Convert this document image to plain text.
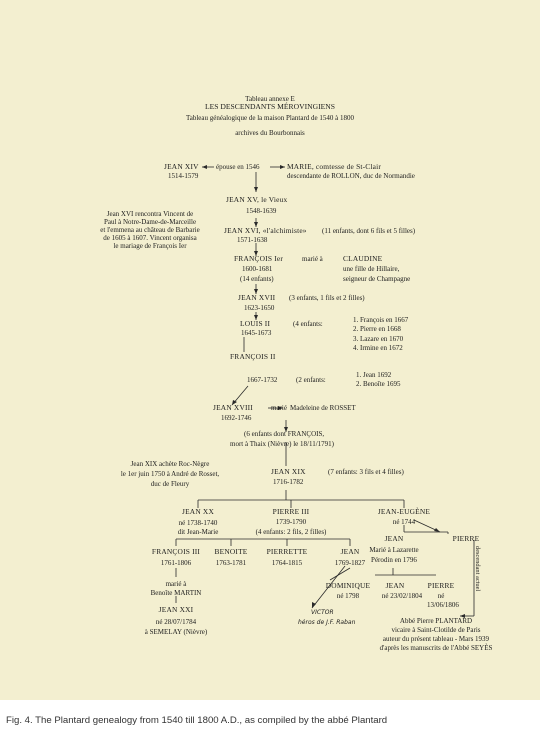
Tableau annexe E
LES DESCENDANTS MÉROVINGIENS
Tableau généalogique de la maison Plantard de 1540 à 1800
archives du Bourbonnais
JEAN XIV épouse en 1546	MARIE, comtesse de St-Clair
1514-1579	descendante de ROLLON, duc de Normandie
JEAN XV, le Vieux
1548-1639
JEAN XVI, «l'alchimiste» (11 enfants, dont 6 fils et 5 filles)
1571-1638
Jean XVI rencontra Vincent de
Paul à Notre-Dame-de-Marceille
et l'emmena au château de Barbarie
de 1605 à 1607. Vincent organisa
le mariage de François Ier
FRANÇOIS Ier	marié à	CLAUDINE
1600-1681	une fille de Hillaire,
(14 enfants)	seigneur de Champagne
JEAN XVII (3 enfants, 1 fils et 2 filles)
1623-1650
LOUIS II	(4 enfants:
1645-1673
1. François en 1667
2. Pierre en 1668
3. Lazare en 1670
4. Irmine en 1672
FRANÇOIS II
1667-1732	(2 enfants:
1. Jean 1692
2. Benoîte 1695
JEAN XVIII	marié Madeleine de ROSSET
1692-1746
(6 enfants dont FRANÇOIS,
mort à Thaix (Nièvre) le 18/11/1791)
Jean XIX achète Roc-Nègre
le 1er juin 1750 à André de Rosset,
duc de Fleury
JEAN XIX	(7 enfants: 3 fils et 4 filles)
1716-1782
JEAN XX
né 1738-1740
dit Jean-Marie
PIERRE III
1739-1790
(4 enfants: 2 fils, 2 filles)
JEAN-EUGÈNE
né 1744
FRANÇOIS III
1761-1806
BENOITE
1763-1781
PIERRETTE
1764-1815
JEAN
1769-1827
JEAN
Marié à Lazarette
Pérodin en 1796
PIERRE
marié à
Benoîte MARTIN
DOMINIQUE
né 1798
JEAN
né 23/02/1804
PIERRE
né
13/06/1806
descendant actuel
JEAN XXI
né 28/07/1784
à SEMELAY (Nièvre)
VICTOR
héros de J.F. Raban	Abbé Pierre PLANTARD
vicaire à Saint-Clotilde de Paris
auteur du présent tableau - Mars 1939
d'après les manuscrits de l'Abbé SEYÈS
Fig. 4. The Plantard genealogy from 1540 till 1800 A.D., as compiled by the abbé Plantard
